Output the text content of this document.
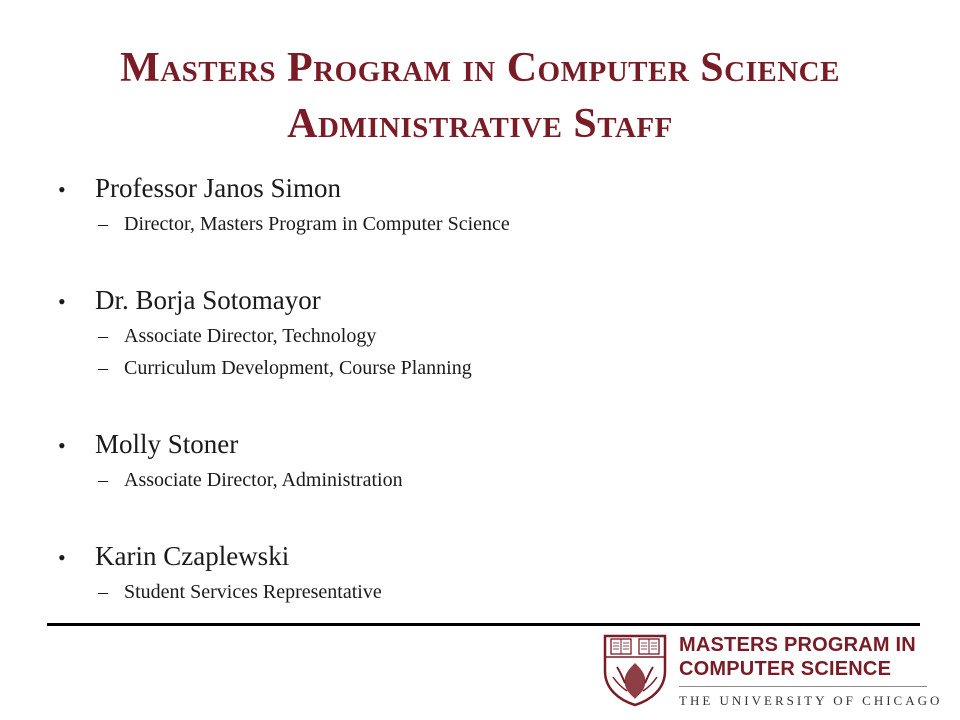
Masters Program in Computer Science
Administrative Staff
•	Professor Janos Simon
– Director, Masters Program in Computer Science
•	Dr. Borja Sotomayor
– Associate Director, Technology
– Curriculum Development, Course Planning
•	Molly Stoner
– Associate Director, Administration
•	Karin Czaplewski
– Student Services Representative
MASTERS PROGRAM IN
COMPUTER SCIENCE
THE UNIVERSITY OF CHICAGO
